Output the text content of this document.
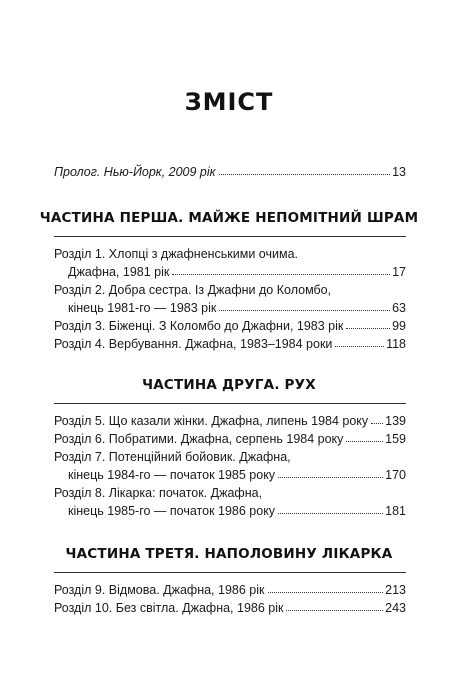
ЗМІСТ
Пролог. Нью-Йорк, 2009 рік	13
ЧАСТИНА ПЕРША. МАЙЖЕ НЕПОМІТНИЙ ШРАМ
Розділ 1. Хлопці з джафненськими очима.
Джафна, 1981 рік	17
Розділ 2. Добра сестра. Із Джафни до Коломбо,
кінець 1981-го — 1983 рік	63
Розділ 3. Біженці. З Коломбо до Джафни, 1983 рік	99
Розділ 4. Вербування. Джафна, 1983–1984 роки	118
ЧАСТИНА ДРУГА. РУХ
Розділ 5. Що казали жінки. Джафна, липень 1984 року 139
Розділ 6. Побратими. Джафна, серпень 1984 року	159
Розділ 7. Потенційний бойовик. Джафна,
кінець 1984-го — початок 1985 року	170
Розділ 8. Лікарка: початок. Джафна,
кінець 1985-го — початок 1986 року	181
ЧАСТИНА ТРЕТЯ. НАПОЛОВИНУ ЛІКАРКА
Розділ 9. Відмова. Джафна, 1986 рік	213
Розділ 10. Без світла. Джафна, 1986 рік	243
